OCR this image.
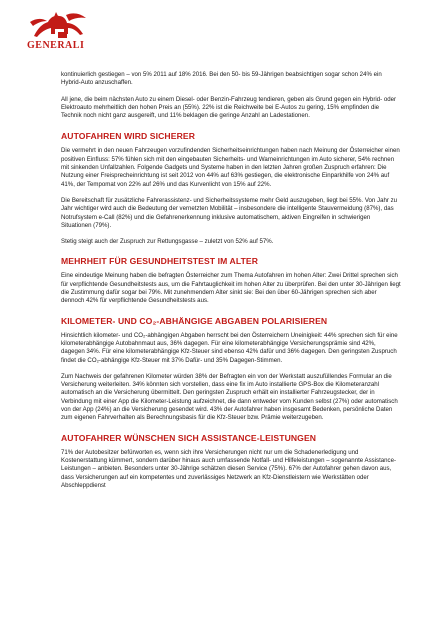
GENERALI

kontinuierlich gestiegen – von 5% 2011 auf 18% 2016. Bei den 50- bis 59-Jährigen beabsichtigen sogar schon 24% ein Hybrid-Auto anzuschaffen.

All jene, die beim nächsten Auto zu einem Diesel- oder Benzin-Fahrzeug tendieren, geben als Grund gegen ein Hybrid- oder Elektroauto mehrheitlich den hohen Preis an (55%). 22% ist die Reichweite bei E-Autos zu gering, 15% empfinden die Technik noch nicht ganz ausgereift, und 11% beklagen die geringe Anzahl an Ladestationen.

AUTOFAHREN WIRD SICHERER

Die vermehrt in den neuen Fahrzeugen vorzufindenden Sicherheitseinrichtungen haben nach Meinung der Österreicher einen positiven Einfluss: 57% fühlen sich mit den eingebauten Sicherheits- und Warneinrichtungen im Auto sicherer, 54% rechnen mit sinkenden Unfallzahlen. Folgende Gadgets und Systeme haben in den letzten Jahren großen Zuspruch erfahren: Die Nutzung einer Freisprecheinrichtung ist seit 2012 von 44% auf 63% gestiegen, die elektronische Einparkhilfe von 24% auf 41%, der Tempomat von 22% auf 26% und das Kurvenlicht von 15% auf 22%.

Die Bereitschaft für zusätzliche Fahrerassistenz- und Sicherheitssysteme mehr Geld auszugeben, liegt bei 55%. Von Jahr zu Jahr wichtiger wird auch die Bedeutung der vernetzten Mobilität – insbesondere die intelligente Stauvermeidung (87%), das Notrufsystem e-Call (82%) und die Gefahrenerkennung inklusive automatischem, aktiven Eingreifen in schwierigen Situationen (79%).

Stetig steigt auch der Zuspruch zur Rettungsgasse – zuletzt von 52% auf 57%.

MEHRHEIT FÜR GESUNDHEITSTEST IM ALTER

Eine eindeutige Meinung haben die befragten Österreicher zum Thema Autofahren im hohen Alter: Zwei Drittel sprechen sich für verpflichtende Gesundheitstests aus, um die Fahrtauglichkeit im hohen Alter zu überprüfen. Bei den unter 30-Jährigen liegt die Zustimmung dafür sogar bei 79%. Mit zunehmendem Alter sinkt sie: Bei den über 60-Jährigen sprechen sich aber dennoch 42% für verpflichtende Gesundheitstests aus.

KILOMETER- UND CO₂-ABHÄNGIGE ABGABEN POLARISIEREN

Hinsichtlich kilometer- und CO₂-abhängigen Abgaben herrscht bei den Österreichern Uneinigkeit: 44% sprechen sich für eine kilometerabhängige Autobahnmaut aus, 36% dagegen. Für eine kilometerabhängige Versicherungsprämie sind 42%, dagegen 34%. Für eine kilometerabhängige Kfz-Steuer sind ebenso 42% dafür und 36% dagegen. Den geringsten Zuspruch findet die CO₂-abhängige Kfz-Steuer mit 37% Dafür- und 35% Dagegen-Stimmen.

Zum Nachweis der gefahrenen Kilometer würden 38% der Befragten ein von der Werkstatt auszufüllendes Formular an die Versicherung weiterleiten. 34% könnten sich vorstellen, dass eine fix im Auto installierte GPS-Box die Kilometeranzahl automatisch an die Versicherung übermittelt. Den geringsten Zuspruch erhält ein installierter Fahrzeugstecker, der in Verbindung mit einer App die Kilometer-Leistung aufzeichnet, die dann entweder vom Kunden selbst (27%) oder automatisch von der App (24%) an die Versicherung gesendet wird. 43% der Autofahrer haben insgesamt Bedenken, persönliche Daten zum eigenen Fahrverhalten als Berechnungsbasis für die Kfz-Steuer bzw. Prämie weiterzugeben.

AUTOFAHRER WÜNSCHEN SICH ASSISTANCE-LEISTUNGEN

71% der Autobesitzer befürworten es, wenn sich ihre Versicherungen nicht nur um die Schadenerledigung und Kostenerstattung kümmert, sondern darüber hinaus auch umfassende Notfall- und Hilfeleistungen – sogenannte Assistance-Leistungen – anbieten. Besonders unter 30-Jährige schätzen diesen Service (75%). 67% der Autofahrer gehen davon aus, dass Versicherungen auf ein kompetentes und zuverlässiges Netzwerk an Kfz-Dienstleistern wie Werkstätten oder Abschleppdienst
